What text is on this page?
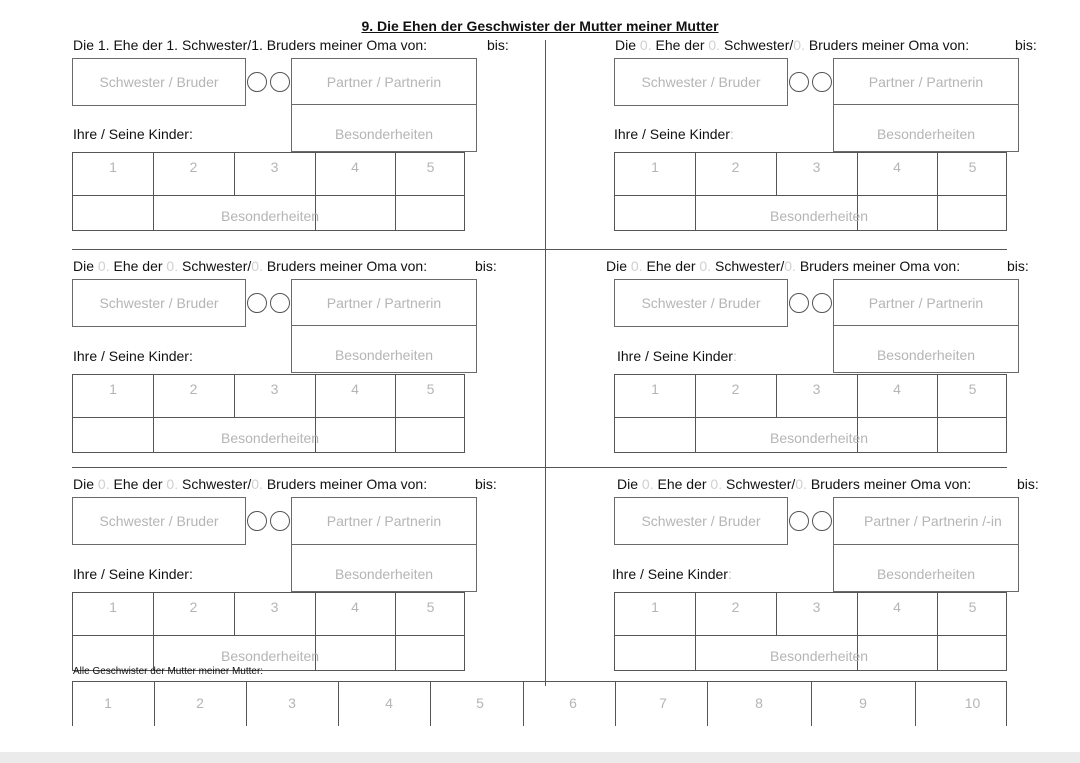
9. Die Ehen der Geschwister der Mutter meiner Mutter
Die 1. Ehe der 1. Schwester/1. Bruders meiner Oma von:	bis:
Schwester / Bruder	Partner / Partnerin
Besonderheiten
Ihre / Seine Kinder:
1	2	3	4	5
Besonderheiten
Die 0. Ehe der 0. Schwester/0. Bruders meiner Oma von:	bis:
Schwester / Bruder	Partner / Partnerin
Besonderheiten
Ihre / Seine Kinder:
1	2	3	4	5
Besonderheiten
Die 0. Ehe der 0. Schwester/0. Bruders meiner Oma von:	bis:
Schwester / Bruder	Partner / Partnerin
Besonderheiten
Ihre / Seine Kinder:
1	2	3	4	5
Besonderheiten
Die 0. Ehe der 0. Schwester/0. Bruders meiner Oma von:	bis:
Schwester / Bruder	Partner / Partnerin
Besonderheiten
Ihre / Seine Kinder:
1	2	3	4	5
Besonderheiten
Die 0. Ehe der 0. Schwester/0. Bruders meiner Oma von:	bis:
Schwester / Bruder	Partner / Partnerin
Besonderheiten
Ihre / Seine Kinder:
1	2	3	4	5
Besonderheiten
Die 0. Ehe der 0. Schwester/0. Bruders meiner Oma von:	bis:
Schwester / Bruder	Partner / Partnerin /-in
Besonderheiten
Ihre / Seine Kinder:
1	2	3	4	5
Besonderheiten
Alle Geschwister der Mutter meiner Mutter:
1	2	3	4	5	6	7	8	9	10
